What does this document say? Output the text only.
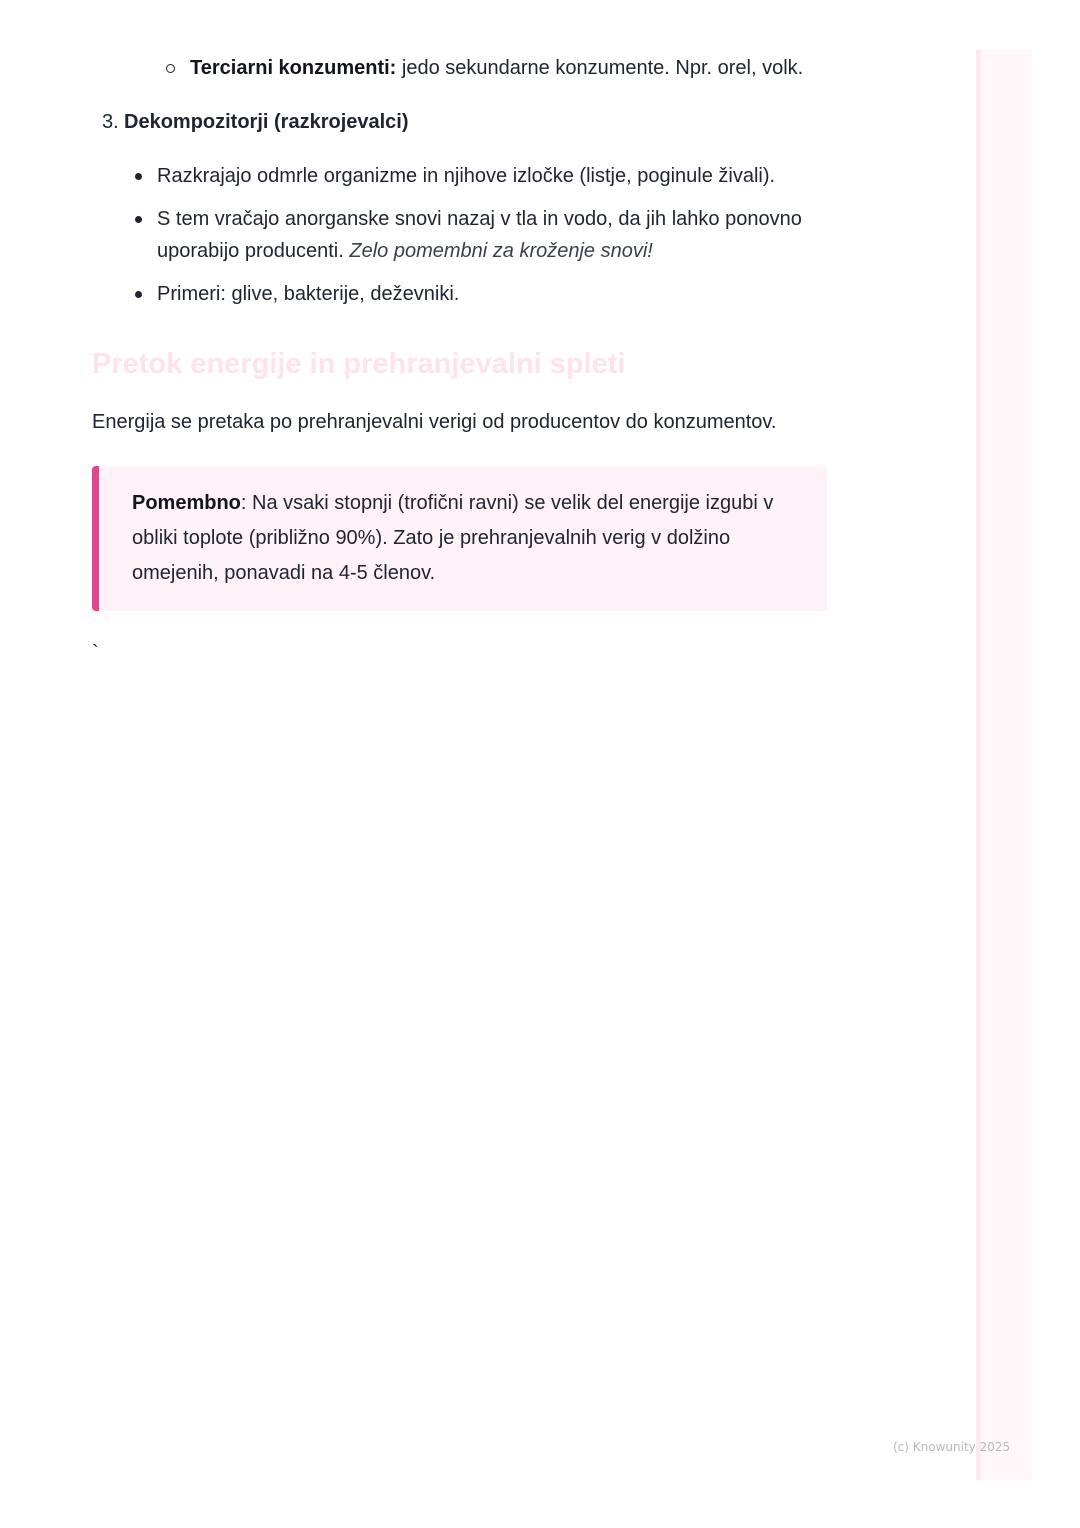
Terciarni konzumenti: jedo sekundarne konzumente. Npr. orel, volk.
3. Dekompozitorji (razkrojevalci)
Razkrajajo odmrle organizme in njihove izločke (listje, poginule živali).
S tem vračajo anorganske snovi nazaj v tla in vodo, da jih lahko ponovno uporabijo producenti. Zelo pomembni za kroženje snovi!
Primeri: glive, bakterije, deževniki.
Pretok energije in prehranjevalni spleti

Energija se pretaka po prehranjevalni verigi od producentov do konzumentov.

Pomembno: Na vsaki stopnji (trofični ravni) se velik del energije izgubi v obliki toplote (približno 90%). Zato je prehranjevalnih verig v dolžino omejenih, ponavadi na 4-5 členov.
`
(c) Knowunity 2025
